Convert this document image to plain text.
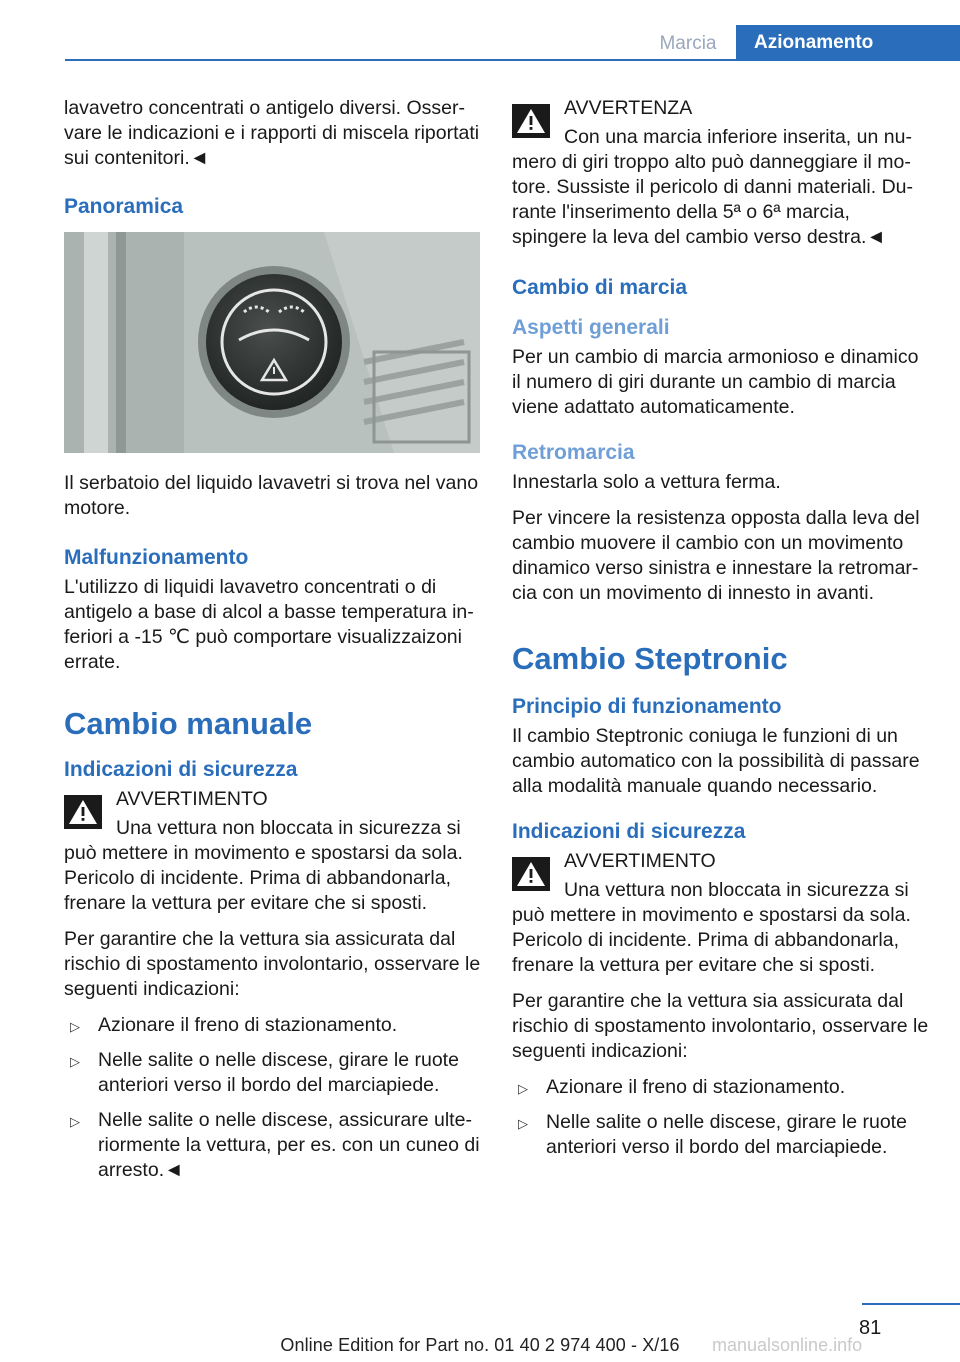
Marcia	Azionamento

lavavetro concentrati o antigelo diversi. Osservare le indicazioni e i rapporti di miscela riportati sui contenitori.◄

Panoramica

Il serbatoio del liquido lavavetri si trova nel vano motore.

Malfunzionamento

L'utilizzo di liquidi lavavetro concentrati o di antigelo a base di alcol a basse temperatura inferiori a -15 ℃ può comportare visualizzaizoni errate.

Cambio manuale
Indicazioni di sicurezza

AVVERTIMENTO

Una vettura non bloccata in sicurezza si può mettere in movimento e spostarsi da sola. Pericolo di incidente. Prima di abbandonarla, frenare la vettura per evitare che si sposti.

Per garantire che la vettura sia assicurata dal rischio di spostamento involontario, osservare le seguenti indicazioni:

▷ Azionare il freno di stazionamento.
▷ Nelle salite o nelle discese, girare le ruote anteriori verso il bordo del marciapiede.
▷ Nelle salite o nelle discese, assicurare ulteriormente la vettura, per es. con un cuneo di arresto.◄

AVVERTENZA

Con una marcia inferiore inserita, un numero di giri troppo alto può danneggiare il motore. Sussiste il pericolo di danni materiali. Durante l'inserimento della 5ª o 6ª marcia, spingere la leva del cambio verso destra.◄

Cambio di marcia
Aspetti generali

Per un cambio di marcia armonioso e dinamico il numero di giri durante un cambio di marcia viene adattato automaticamente.

Retromarcia

Innestarla solo a vettura ferma.

Per vincere la resistenza opposta dalla leva del cambio muovere il cambio con un movimento dinamico verso sinistra e innestare la retromarcia con un movimento di innesto in avanti.

Cambio Steptronic
Principio di funzionamento

Il cambio Steptronic coniuga le funzioni di un cambio automatico con la possibilità di passare alla modalità manuale quando necessario.

Indicazioni di sicurezza

AVVERTIMENTO

Una vettura non bloccata in sicurezza si può mettere in movimento e spostarsi da sola. Pericolo di incidente. Prima di abbandonarla, frenare la vettura per evitare che si sposti.

Per garantire che la vettura sia assicurata dal rischio di spostamento involontario, osservare le seguenti indicazioni:

▷ Azionare il freno di stazionamento.
▷ Nelle salite o nelle discese, girare le ruote anteriori verso il bordo del marciapiede.
81
Online Edition for Part no. 01 40 2 974 400 - X/16	manualsonline.info
